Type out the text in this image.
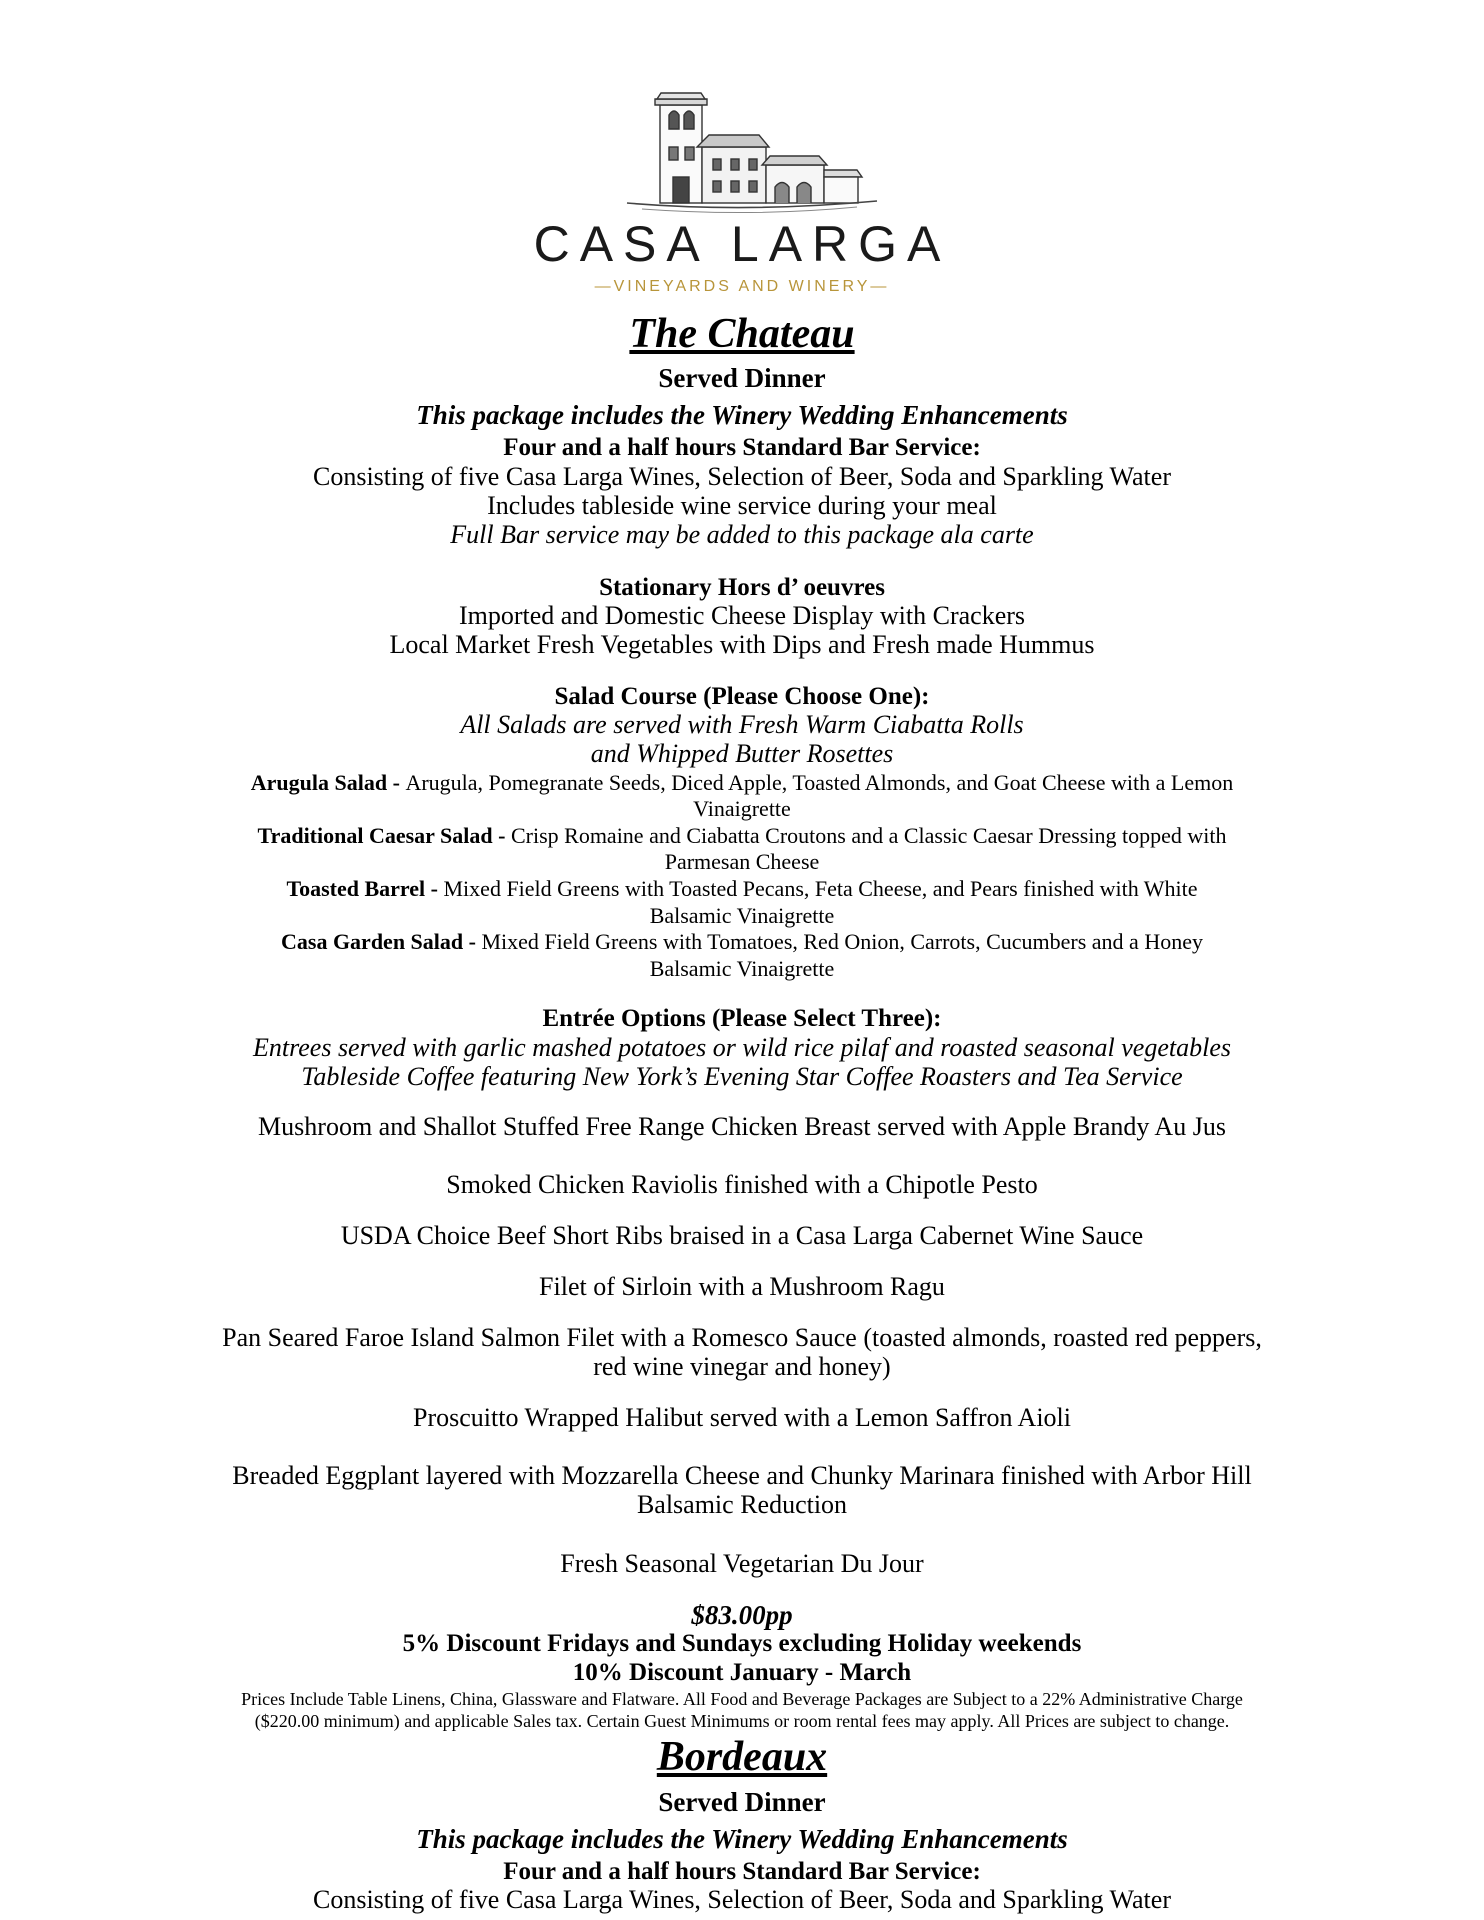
CASA LARGA
—VINEYARDS AND WINERY—
The Chateau
Served Dinner
This package includes the Winery Wedding Enhancements
Four and a half hours Standard Bar Service:
Consisting of five Casa Larga Wines, Selection of Beer, Soda and Sparkling Water
Includes tableside wine service during your meal
Full Bar service may be added to this package ala carte
Stationary Hors d’ oeuvres
Imported and Domestic Cheese Display with Crackers
Local Market Fresh Vegetables with Dips and Fresh made Hummus
Salad Course (Please Choose One):
All Salads are served with Fresh Warm Ciabatta Rolls
and Whipped Butter Rosettes
Arugula Salad - Arugula, Pomegranate Seeds, Diced Apple, Toasted Almonds, and Goat Cheese with a Lemon
Vinaigrette
Traditional Caesar Salad - Crisp Romaine and Ciabatta Croutons and a Classic Caesar Dressing topped with
Parmesan Cheese
Toasted Barrel - Mixed Field Greens with Toasted Pecans, Feta Cheese, and Pears finished with White
Balsamic Vinaigrette
Casa Garden Salad - Mixed Field Greens with Tomatoes, Red Onion, Carrots, Cucumbers and a Honey
Balsamic Vinaigrette
Entrée Options (Please Select Three):
Entrees served with garlic mashed potatoes or wild rice pilaf and roasted seasonal vegetables
Tableside Coffee featuring New York’s Evening Star Coffee Roasters and Tea Service
Mushroom and Shallot Stuffed Free Range Chicken Breast served with Apple Brandy Au Jus
Smoked Chicken Raviolis finished with a Chipotle Pesto
USDA Choice Beef Short Ribs braised in a Casa Larga Cabernet Wine Sauce
Filet of Sirloin with a Mushroom Ragu
Pan Seared Faroe Island Salmon Filet with a Romesco Sauce (toasted almonds, roasted red peppers,
red wine vinegar and honey)
Proscuitto Wrapped Halibut served with a Lemon Saffron Aioli
Breaded Eggplant layered with Mozzarella Cheese and Chunky Marinara finished with Arbor Hill
Balsamic Reduction
Fresh Seasonal Vegetarian Du Jour
$83.00pp
5% Discount Fridays and Sundays excluding Holiday weekends
10% Discount January - March
Prices Include Table Linens, China, Glassware and Flatware. All Food and Beverage Packages are Subject to a 22% Administrative Charge
($220.00 minimum) and applicable Sales tax. Certain Guest Minimums or room rental fees may apply. All Prices are subject to change.
Bordeaux
Served Dinner
This package includes the Winery Wedding Enhancements
Four and a half hours Standard Bar Service:
Consisting of five Casa Larga Wines, Selection of Beer, Soda and Sparkling Water
